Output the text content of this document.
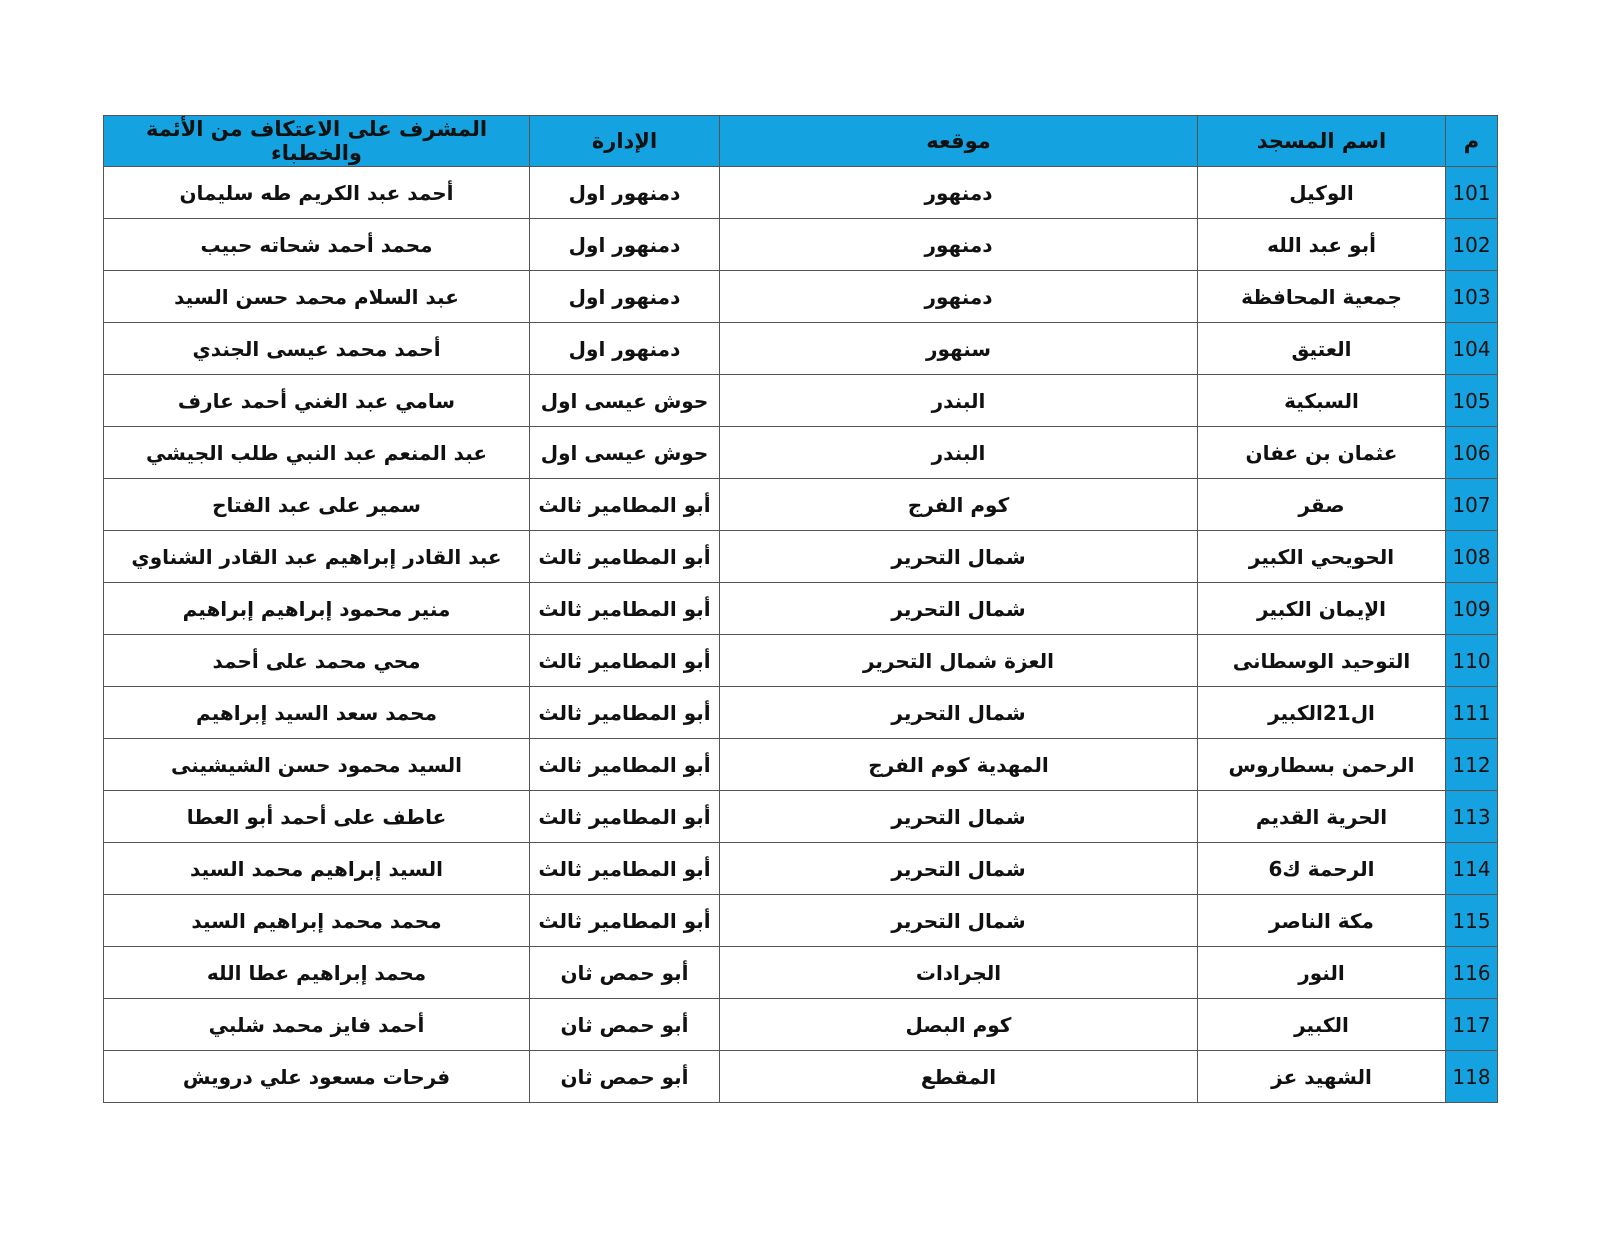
م	اسم المسجد	موقعه	الإدارة	المشرف على الاعتكاف من الأئمة والخطباء
101	الوكيل	دمنهور	دمنهور اول	أحمد عبد الكريم طه سليمان
102	أبو عبد الله	دمنهور	دمنهور اول	محمد أحمد شحاته حبيب
103	جمعية المحافظة	دمنهور	دمنهور اول	عبد السلام محمد حسن السيد
104	العتيق	سنهور	دمنهور اول	أحمد محمد عيسى الجندي
105	السبكية	البندر	حوش عيسى اول	سامي عبد الغني أحمد عارف
106	عثمان بن عفان	البندر	حوش عيسى اول	عبد المنعم عبد النبي طلب الجيشي
107	صقر	كوم الفرج	أبو المطامير ثالث	سمير على عبد الفتاح
108	الحويحي الكبير	شمال التحرير	أبو المطامير ثالث	عبد القادر إبراهيم عبد القادر الشناوي
109	الإيمان الكبير	شمال التحرير	أبو المطامير ثالث	منير محمود إبراهيم إبراهيم
110	التوحيد الوسطانى	العزة شمال التحرير	أبو المطامير ثالث	محي محمد على أحمد
111	ال21الكبير	شمال التحرير	أبو المطامير ثالث	محمد سعد السيد إبراهيم
112	الرحمن بسطاروس	المهدية كوم الفرج	أبو المطامير ثالث	السيد محمود حسن الشيشينى
113	الحرية القديم	شمال التحرير	أبو المطامير ثالث	عاطف على أحمد أبو العطا
114	الرحمة ك6	شمال التحرير	أبو المطامير ثالث	السيد إبراهيم محمد السيد
115	مكة الناصر	شمال التحرير	أبو المطامير ثالث	محمد محمد إبراهيم السيد
116	النور	الجرادات	أبو حمص ثان	محمد إبراهيم عطا الله
117	الكبير	كوم البصل	أبو حمص ثان	أحمد فايز محمد شلبي
118	الشهيد عز	المقطع	أبو حمص ثان	فرحات مسعود علي درويش
